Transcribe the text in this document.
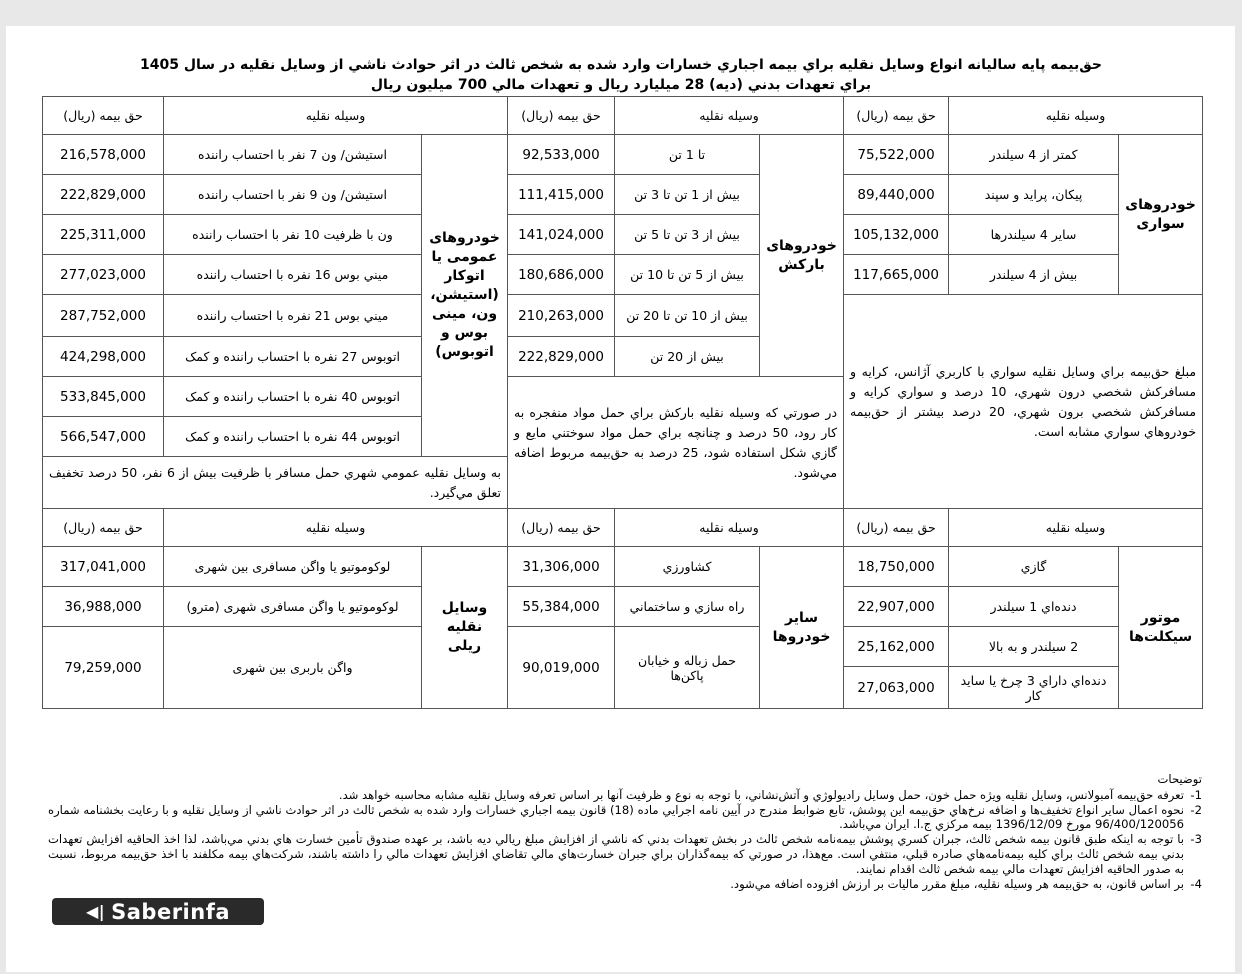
حق‌بيمه پايه ساليانه انواع وسايل نقليه براي بيمه اجباري خسارات وارد شده به شخص ثالث در اثر حوادث ناشي از وسايل نقليه در سال 1405
براي تعهدات بدني (ديه) 28 ميليارد ريال و تعهدات مالي 700 ميليون ريال
وسيله نقليه		حق بيمه (ريال)	وسيله نقليه		حق بيمه (ريال)	وسيله نقليه		حق بيمه (ريال)
خودروهای سواری	کمتر از 4 سيلندر	75,522,000	خودروهای بارکش	تا 1 تن	92,533,000	خودروهای عمومی یا اتوکار (استیشن، ون، مینی بوس و اتوبوس)	استيشن/ ون 7 نفر با احتساب راننده	216,578,000
	پيکان، پرايد و سپند	89,440,000		بيش از 1 تن تا 3 تن	111,415,000		استيشن/ ون 9 نفر با احتساب راننده	222,829,000
	ساير 4 سيلندرها	105,132,000		بيش از 3 تن تا 5 تن	141,024,000		ون با ظرفيت 10 نفر با احتساب راننده	225,311,000
	بيش از 4 سيلندر	117,665,000		بيش از 5 تن تا 10 تن	180,686,000		ميني بوس 16 نفره با احتساب راننده	277,023,000
مبلغ حق‌بيمه براي وسايل نقليه سواري با کاربري آژانس، کرايه و مسافرکش شخصي درون شهري، 10 درصد و سواري کرايه و مسافرکش شخصي برون شهري، 20 درصد بيشتر از حق‌بيمه خودروهاي سواري مشابه است.				بيش از 10 تن تا 20 تن	210,263,000		ميني بوس 21 نفره با احتساب راننده	287,752,000
				بيش از 20 تن	222,829,000		اتوبوس 27 نفره با احتساب راننده و کمک	424,298,000
			در صورتي که وسيله نقليه بارکش براي حمل مواد منفجره به کار رود، 50 درصد و چنانچه براي حمل مواد سوختني مايع و گازي شکل استفاده شود، 25 درصد به حق‌بيمه مربوط اضافه مي‌شود.				اتوبوس 40 نفره با احتساب راننده و کمک	533,845,000
							اتوبوس 44 نفره با احتساب راننده و کمک	566,547,000
						به وسايل نقليه عمومي شهري حمل مسافر با ظرفيت بيش از 6 نفر، 50 درصد تخفيف تعلق مي‌گيرد.		
وسيله نقليه		حق بيمه (ريال)	وسيله نقليه		حق بيمه (ريال)	وسيله نقليه		حق بيمه (ريال)
موتور سیکلت‌ها	گازي	18,750,000	ساير خودروها	کشاورزي	31,306,000	وسایل نقلیه ریلی	لوکوموتيو يا واگن مسافری بين شهری	317,041,000
	دنده‌اي 1 سيلندر	22,907,000		راه سازي و ساختماني	55,384,000		لوکوموتيو يا واگن مسافری شهری (مترو)	36,988,000
	2 سيلندر و به بالا	25,162,000		حمل زباله و خيابان پاکن‌ها	90,019,000		واگن باربری بين شهری	79,259,000
	دنده‌اي داراي 3 چرخ يا سايد کار	27,063,000						
توضيحات
1-
تعرفه حق‌بيمه آمبولانس، وسايل نقليه ويژه حمل خون، حمل وسايل راديولوژي و آتش‌نشاني، با توجه به نوع و ظرفيت آنها بر اساس تعرفه وسايل نقليه مشابه محاسبه خواهد شد.
2-
نحوه اعمال ساير انواع تخفيف‌ها و اضافه نرخ‌هاي حق‌بيمه اين پوشش، تابع ضوابط مندرج در آيين نامه اجرايي ماده (18) قانون بيمه اجباري خسارات وارد شده به شخص ثالث در اثر حوادث ناشي از وسايل نقليه و با رعايت بخشنامه شماره 96/400/120056 مورخ 1396/12/09 بيمه مرکزي ج.ا. ايران مي‌باشد.
3-
با توجه به اينکه طبق قانون بيمه شخص ثالث، جبران کسري پوشش بيمه‌نامه شخص ثالث در بخش تعهدات بدني که ناشي از افزايش مبلغ ريالي ديه باشد، بر عهده صندوق تأمين خسارت هاي بدني مي‌باشد، لذا اخذ الحاقيه افزايش تعهدات بدني بيمه شخص ثالث براي کليه بيمه‌نامه‌هاي صادره قبلي، منتفي است. مع‌هذا، در صورتي که بيمه‌گذاران براي جبران خسارت‌هاي مالي تقاضاي افزايش تعهدات مالي را داشته باشند، شرکت‌هاي بيمه مکلفند با اخذ حق‌بيمه مربوط، نسبت به صدور الحاقيه افزايش تعهدات مالي بيمه شخص ثالث اقدام نمايند.
4-
بر اساس قانون، به حق‌بيمه هر وسيله نقليه، مبلغ مقرر ماليات بر ارزش افزوده اضافه مي‌شود.
◀| Saberinfa
